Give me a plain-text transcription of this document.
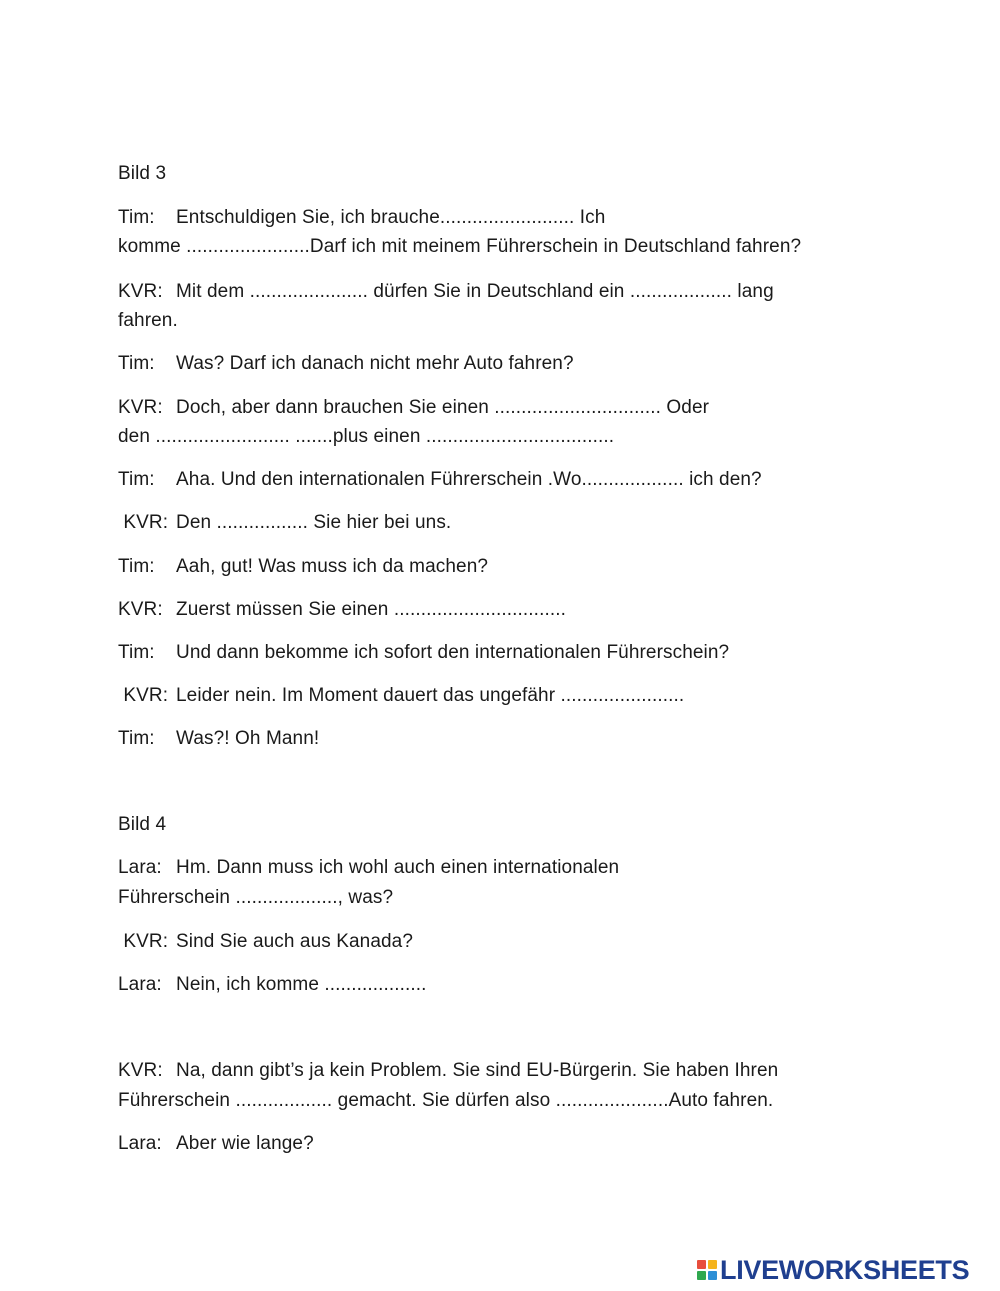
Bild 3
Tim: Entschuldigen Sie, ich brauche......................... Ich
komme .......................Darf ich mit meinem Führerschein in Deutschland fahren?
KVR: Mit dem ...................... dürfen Sie in Deutschland ein ................... lang
fahren.
Tim: Was? Darf ich danach nicht mehr Auto fahren?
KVR: Doch, aber dann brauchen Sie einen ............................... Oder
den ......................... .......plus einen ...................................
Tim: Aha. Und den internationalen Führerschein .Wo................... ich den?
KVR: Den ................. Sie hier bei uns.
Tim: Aah, gut! Was muss ich da machen?
KVR: Zuerst müssen Sie einen ................................
Tim: Und dann bekomme ich sofort den internationalen Führerschein?
KVR: Leider nein. Im Moment dauert das ungefähr .......................
Tim: Was?! Oh Mann!
Bild 4
Lara: Hm. Dann muss ich wohl auch einen internationalen
Führerschein ..................., was?
KVR: Sind Sie auch aus Kanada?
Lara: Nein, ich komme ...................
KVR: Na, dann gibt’s ja kein Problem. Sie sind EU-Bürgerin. Sie haben Ihren
Führerschein .................. gemacht. Sie dürfen also .....................Auto fahren.
Lara: Aber wie lange?
LIVEWORKSHEETS
